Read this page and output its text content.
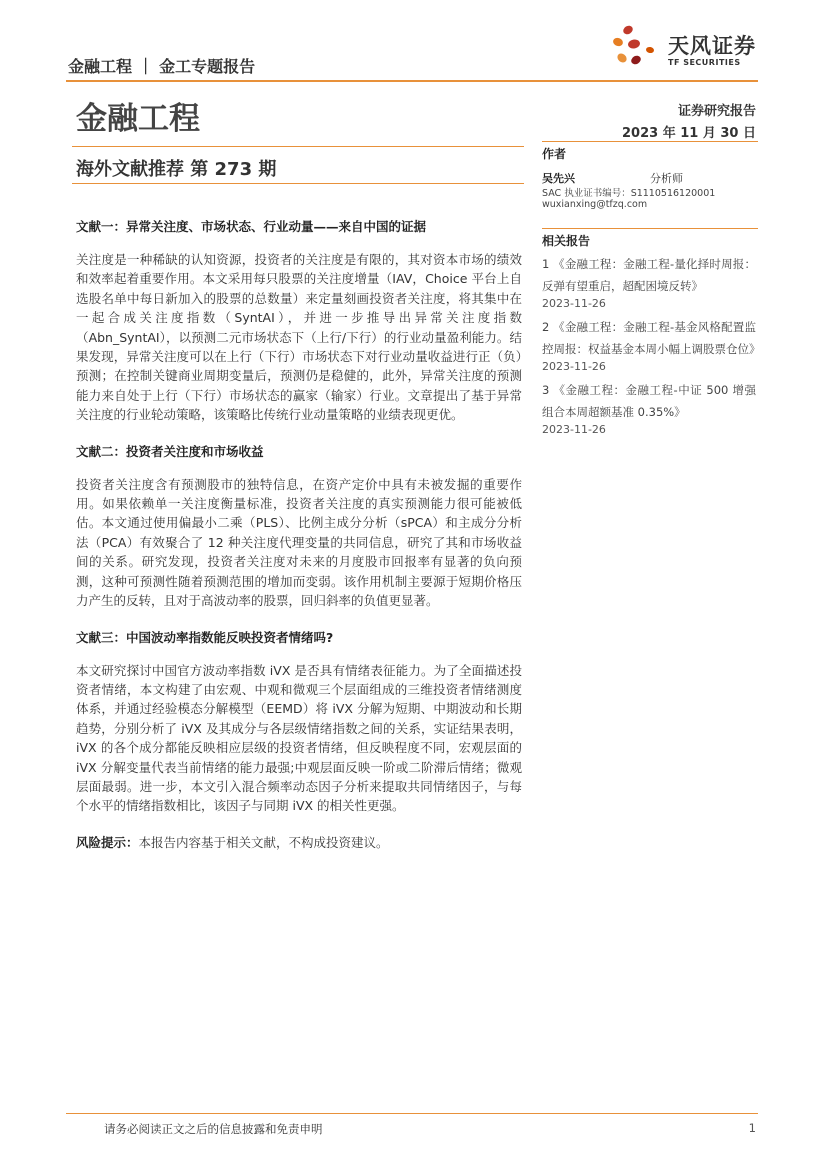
金融工程 ｜ 金工专题报告
天风证券
TF SECURITIES
金融工程	证券研究报告
2023 年 11 月 30 日
海外文献推荐 第 273 期

文献一：异常关注度、市场状态、行业动量——来自中国的证据

关注度是一种稀缺的认知资源，投资者的关注度是有限的，其对资本市场的绩效和效率起着重要作用。本文采用每只股票的关注度增量（IAV，Choice 平台上自选股名单中每日新加入的股票的总数量）来定量刻画投资者关注度，将其集中在一起合成关注度指数（SyntAI），并进一步推导出异常关注度指数（Abn_SyntAI），以预测二元市场状态下（上行/下行）的行业动量盈利能力。结果发现，异常关注度可以在上行（下行）市场状态下对行业动量收益进行正（负）预测；在控制关键商业周期变量后，预测仍是稳健的，此外，异常关注度的预测能力来自处于上行（下行）市场状态的赢家（输家）行业。文章提出了基于异常关注度的行业轮动策略，该策略比传统行业动量策略的业绩表现更优。

文献二：投资者关注度和市场收益

投资者关注度含有预测股市的独特信息，在资产定价中具有未被发掘的重要作用。如果依赖单一关注度衡量标准，投资者关注度的真实预测能力很可能被低估。本文通过使用偏最小二乘（PLS）、比例主成分分析（sPCA）和主成分分析法（PCA）有效聚合了 12 种关注度代理变量的共同信息，研究了其和市场收益间的关系。研究发现，投资者关注度对未来的月度股市回报率有显著的负向预测，这种可预测性随着预测范围的增加而变弱。该作用机制主要源于短期价格压力产生的反转，且对于高波动率的股票，回归斜率的负值更显著。

文献三：中国波动率指数能反映投资者情绪吗?

本文研究探讨中国官方波动率指数 iVX 是否具有情绪表征能力。为了全面描述投资者情绪，本文构建了由宏观、中观和微观三个层面组成的三维投资者情绪测度体系，并通过经验模态分解模型（EEMD）将 iVX 分解为短期、中期波动和长期趋势，分别分析了 iVX 及其成分与各层级情绪指数之间的关系，实证结果表明，iVX 的各个成分都能反映相应层级的投资者情绪，但反映程度不同，宏观层面的 iVX 分解变量代表当前情绪的能力最强;中观层面反映一阶或二阶滞后情绪；微观层面最弱。进一步，本文引入混合频率动态因子分析来提取共同情绪因子，与每个水平的情绪指数相比，该因子与同期 iVX 的相关性更强。

风险提示：本报告内容基于相关文献，不构成投资建议。

作者
吴先兴	分析师
SAC 执业证书编号：S1110516120001
wuxianxing@tfzq.com
相关报告

1 《金融工程：金融工程-量化择时周报：反弹有望重启，超配困境反转》

2023-11-26

2 《金融工程：金融工程-基金风格配置监控周报：权益基金本周小幅上调股票仓位》

2023-11-26

3 《金融工程：金融工程-中证 500 增强组合本周超额基准 0.35%》

2023-11-26
请务必阅读正文之后的信息披露和免责申明	1
